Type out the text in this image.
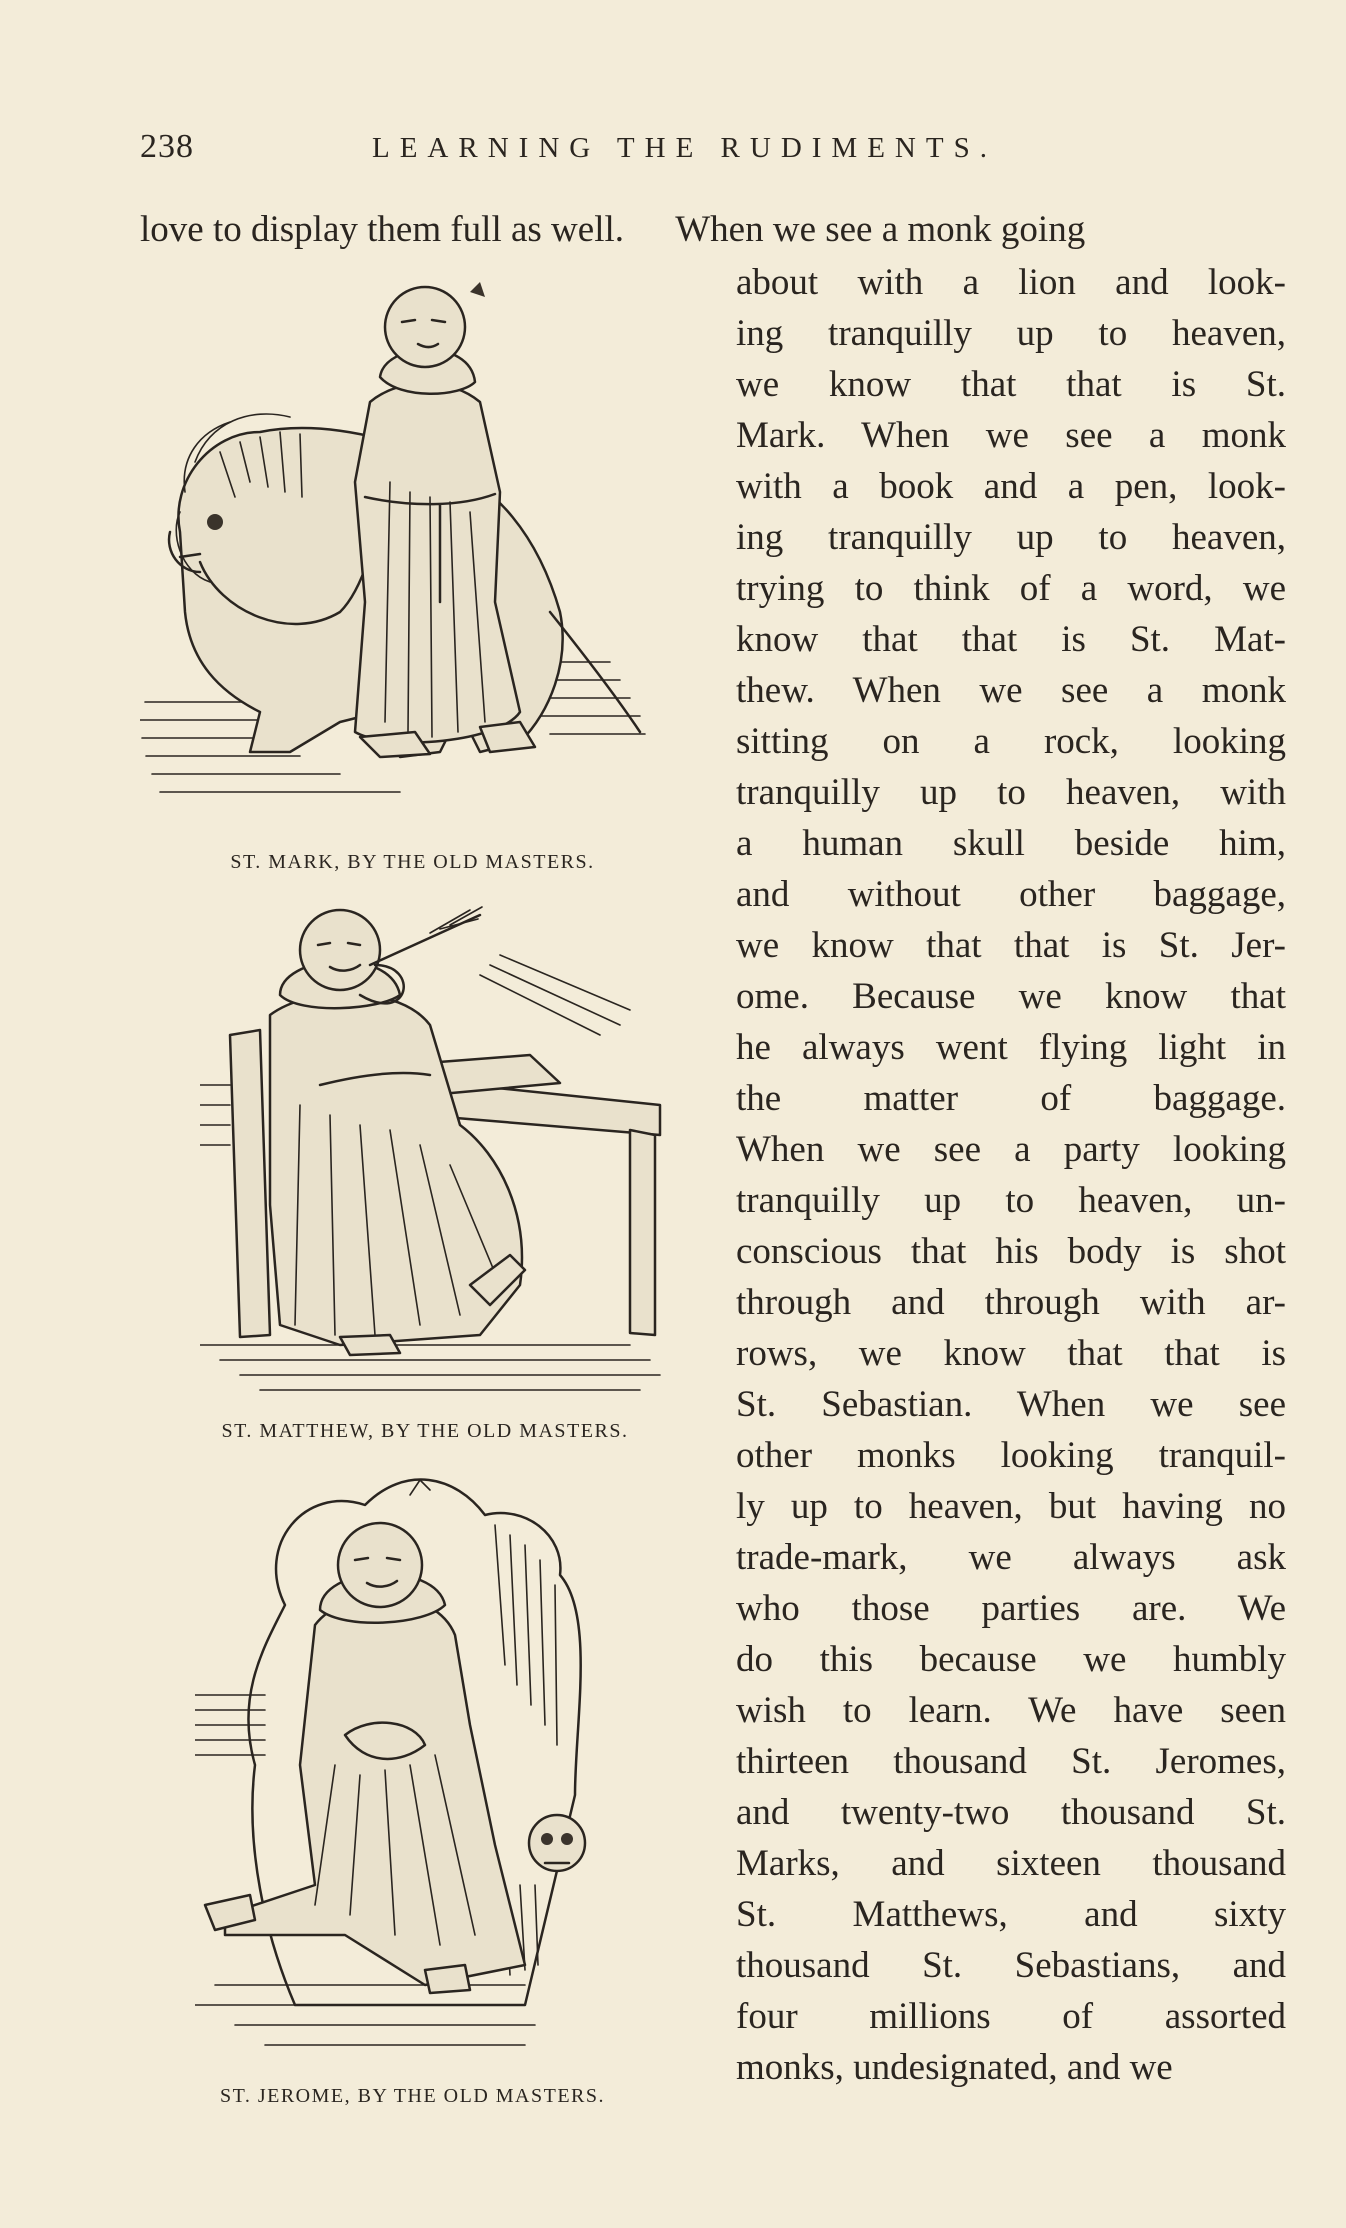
238	LEARNING THE RUDIMENTS.
love to display them full as well. When we see a monk going
about with a lion and look-
ing tranquilly up to heaven,
we know that that is St.
Mark. When we see a monk
with a book and a pen, look-
ing tranquilly up to heaven,
trying to think of a word, we
know that that is St. Mat-
thew. When we see a monk
sitting on a rock, looking
tranquilly up to heaven, with
a human skull beside him,
and without other baggage,
we know that that is St. Jer-
ome. Because we know that
he always went flying light in
the matter of baggage.
When we see a party looking
tranquilly up to heaven, un-
conscious that his body is shot
through and through with ar-
rows, we know that that is
St. Sebastian. When we see
other monks looking tranquil-
ly up to heaven, but having no
trade-mark, we always ask
who those parties are. We
do this because we humbly
wish to learn. We have seen
thirteen thousand St. Jeromes,
and twenty-two thousand St.
Marks, and sixteen thousand
St. Matthews, and sixty
thousand St. Sebastians, and
four millions of assorted
monks, undesignated, and we
ST. MARK, BY THE OLD MASTERS.
ST. MATTHEW, BY THE OLD MASTERS.
ST. JEROME, BY THE OLD MASTERS.
